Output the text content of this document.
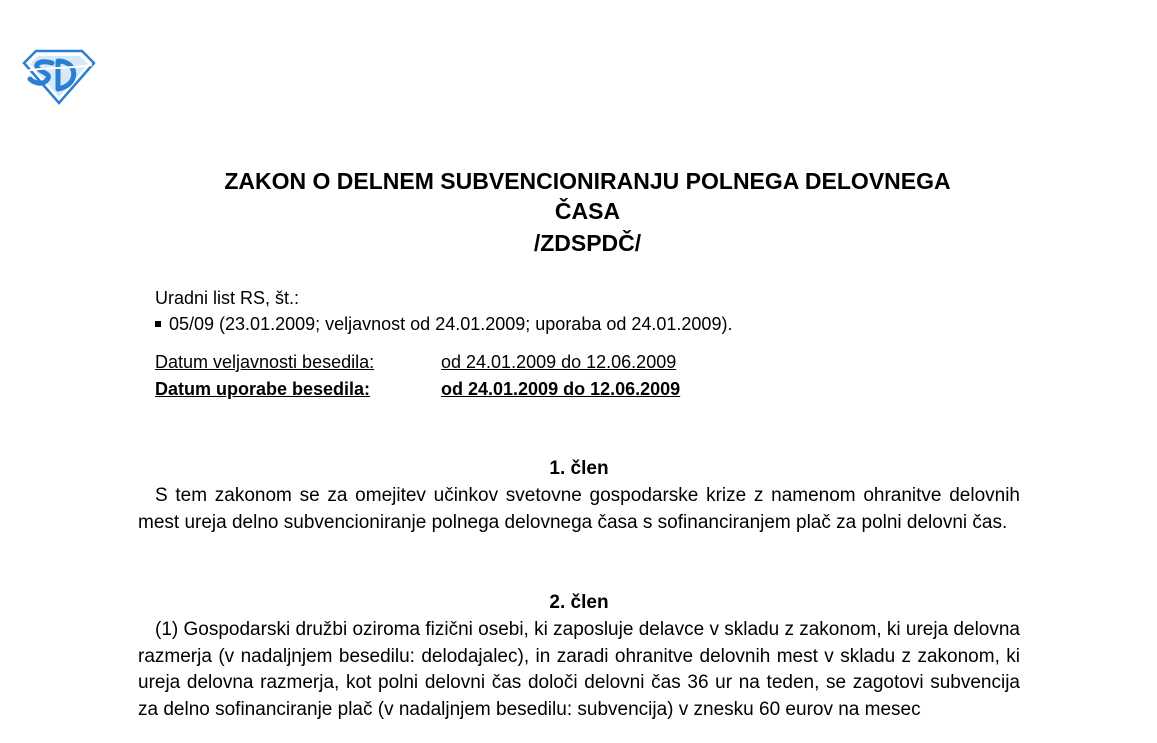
ZAKON O DELNEM SUBVENCIONIRANJU POLNEGA DELOVNEGA
ČASA
/ZDSPDČ/
Uradni list RS, št.:
05/09 (23.01.2009; veljavnost od 24.01.2009; uporaba od 24.01.2009).
Datum veljavnosti besedila:	od 24.01.2009 do 12.06.2009
Datum uporabe besedila:	od 24.01.2009 do 12.06.2009
1. člen

S tem zakonom se za omejitev učinkov svetovne gospodarske krize z namenom ohranitve delovnih mest ureja delno subvencioniranje polnega delovnega časa s sofinanciranjem plač za polni delovni čas.

2. člen

(1) Gospodarski družbi oziroma fizični osebi, ki zaposluje delavce v skladu z zakonom, ki ureja delovna razmerja (v nadaljnjem besedilu: delodajalec), in zaradi ohranitve delovnih mest v skladu z zakonom, ki ureja delovna razmerja, kot polni delovni čas določi delovni čas 36 ur na teden, se zagotovi subvencija za delno sofinanciranje plač (v nadaljnjem besedilu: subvencija) v znesku 60 eurov na mesec
